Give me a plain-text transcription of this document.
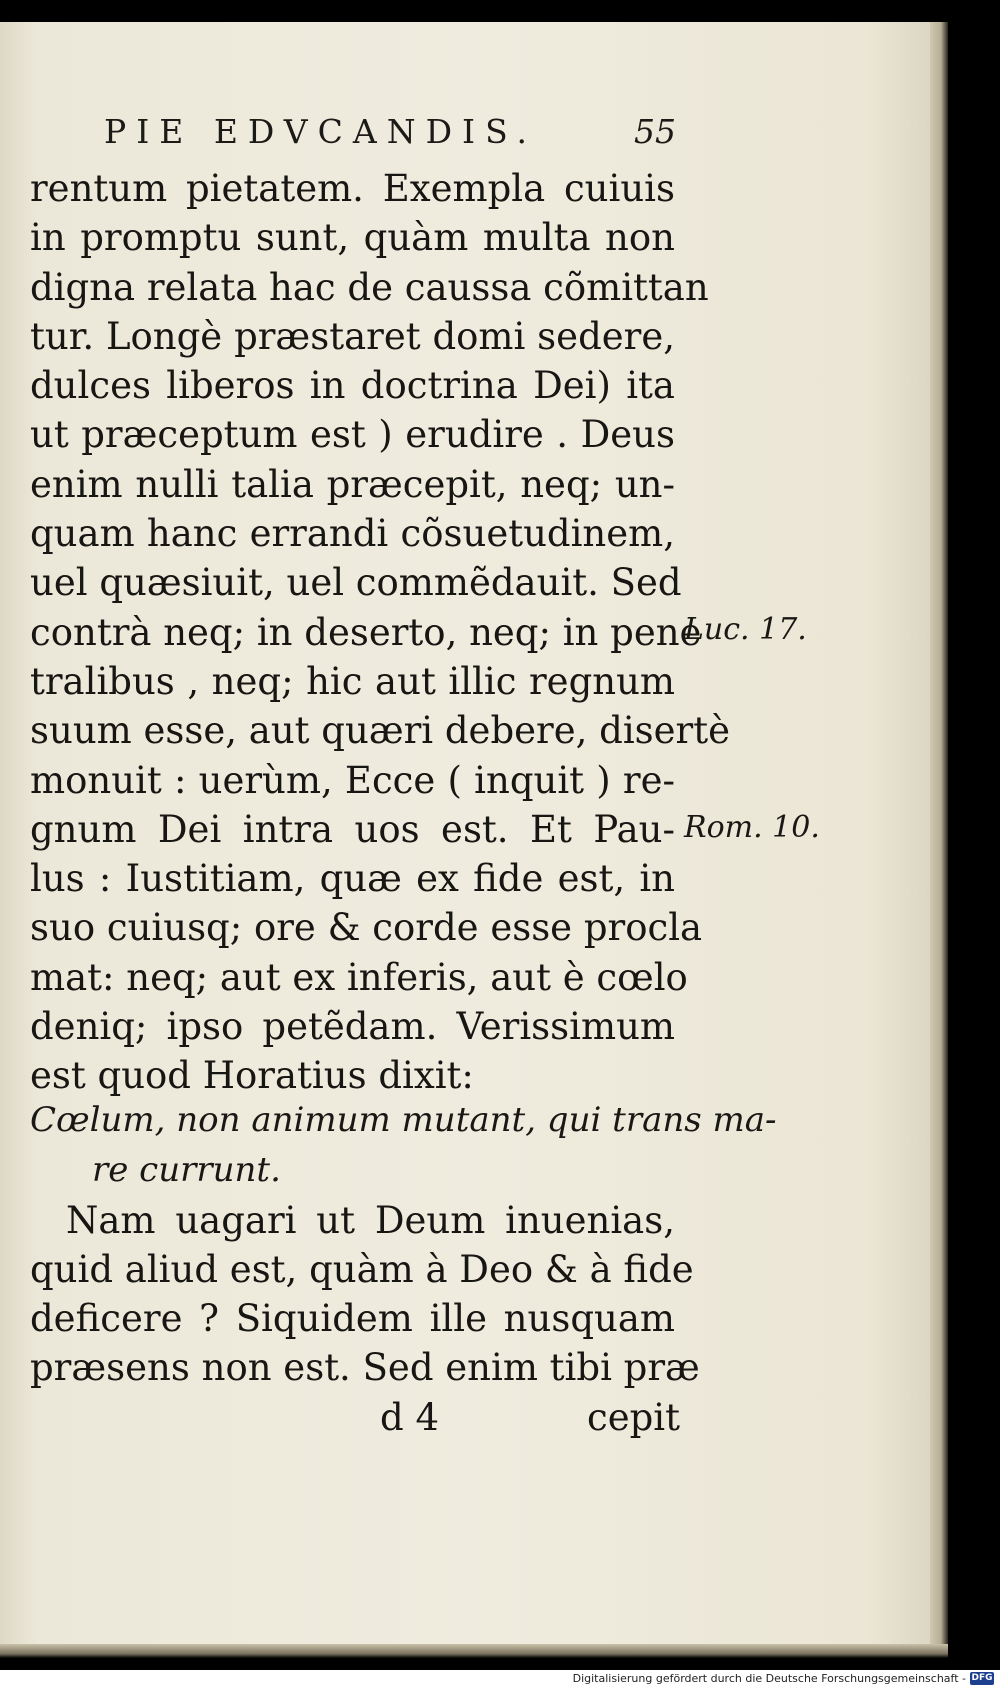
PIE EDVCANDIS.	55
rentum pietatem. Exempla cuiuis
in promptu sunt, quàm multa non
digna relata hac de caussa cõmittan
tur. Longè præstaret domi sedere,
dulces liberos in doctrina Dei) ita
ut præceptum est ) erudire . Deus
enim nulli talia præcepit, neq; un-
quam hanc errandi cõsuetudinem,
uel quæsiuit, uel commẽdauit. Sed
contrà neq; in deserto, neq; in pene
tralibus , neq; hic aut illic regnum
suum esse, aut quæri debere, disertè
monuit : uerùm, Ecce ( inquit ) re-
gnum Dei intra uos est. Et Pau-
lus : Iustitiam, quæ ex fide est, in
suo cuiusq; ore & corde esse procla
mat: neq; aut ex inferis, aut è cœlo
deniq; ipso petẽdam. Verissimum
est quod Horatius dixit:
Cœlum, non animum mutant, qui trans ma-
re currunt.
Nam uagari ut Deum inuenias,
quid aliud est, quàm à Deo & à fide
deficere ? Siquidem ille nusquam
præsens non est. Sed enim tibi præ
d 4	cepit
Luc. 17.
Rom. 10.
Digitalisierung gefördert durch die Deutsche Forschungsgemeinschaft - DFG
